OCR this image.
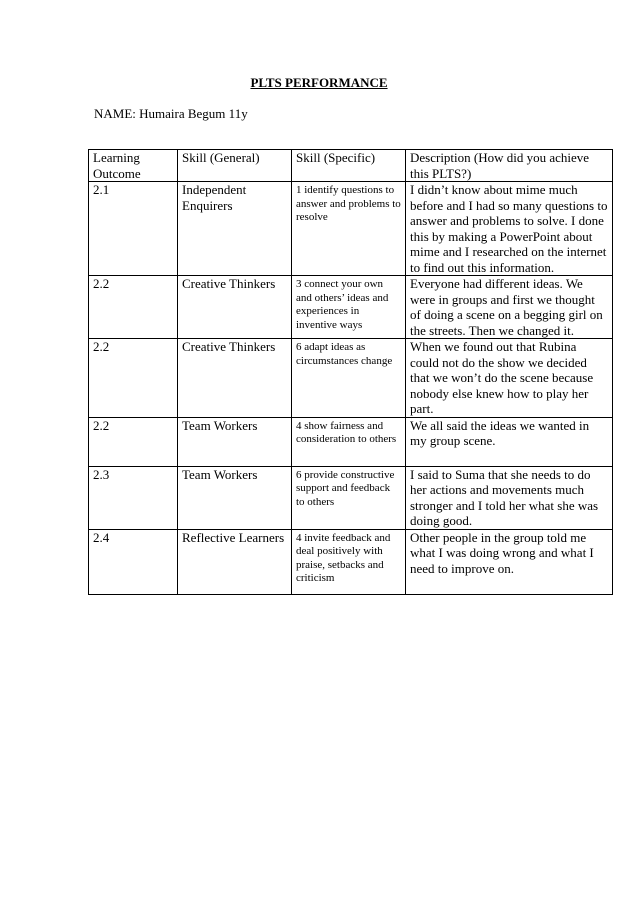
PLTS PERFORMANCE
NAME: Humaira Begum 11y
Learning Outcome	Skill (General)	Skill (Specific)	Description (How did you achieve this PLTS?)
2.1	Independent Enquirers	1 identify questions to answer and problems to resolve	I didn’t know about mime much before and I had so many questions to answer and problems to solve. I done this by making a PowerPoint about mime and I researched on the internet to find out this information.
2.2	Creative Thinkers	3 connect your own and others’ ideas and experiences in inventive ways	Everyone had different ideas. We were in groups and first we thought of doing a scene on a begging girl on the streets. Then we changed it.
2.2	Creative Thinkers	6 adapt ideas as circumstances change	When we found out that Rubina could not do the show we decided that we won’t do the scene because nobody else knew how to play her part.
2.2	Team Workers	4 show fairness and consideration to others	We all said the ideas we wanted in my group scene.
2.3	Team Workers	6 provide constructive support and feedback to others	I said to Suma that she needs to do her actions and movements much stronger and I told her what she was doing good.
2.4	Reflective Learners	4 invite feedback and deal positively with praise, setbacks and criticism	Other people in the group told me what I was doing wrong and what I need to improve on.
